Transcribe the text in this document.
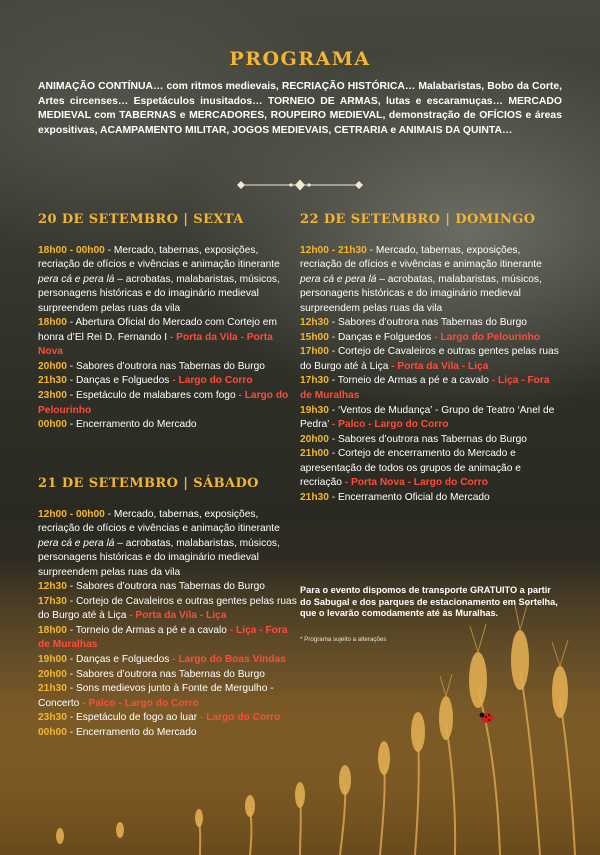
PROGRAMA
ANIMAÇÃO CONTÍNUA… com ritmos medievais, RECRIAÇÃO HISTÓRICA… Malabaristas, Bobo da Corte, Artes circenses… Espetáculos inusitados… TORNEIO DE ARMAS, lutas e escaramuças… MERCADO MEDIEVAL com TABERNAS e MERCADORES, ROUPEIRO MEDIEVAL, demonstração de OFÍCIOS e áreas expositivas, ACAMPAMENTO MILITAR, JOGOS MEDIEVAIS, CETRARIA e ANIMAIS DA QUINTA…
20 DE SETEMBRO | SEXTA

18h00 - 00h00 - Mercado, tabernas, exposições, recriação de ofícios e vivências e animação itinerante pera cá e pera lá – acrobatas, malabaristas, músicos, personagens históricas e do imaginário medieval surpreendem pelas ruas da vila

18h00 - Abertura Oficial do Mercado com Cortejo em honra d’El Rei D. Fernando I - Porta da Vila - Porta Nova

20h00 - Sabores d’outrora nas Tabernas do Burgo

21h30 - Danças e Folguedos - Largo do Corro

23h00 - Espetáculo de malabares com fogo - Largo do Pelourinho

00h00 - Encerramento do Mercado

21 DE SETEMBRO | SÁBADO

12h00 - 00h00 - Mercado, tabernas, exposições, recriação de ofícios e vivências e animação itinerante pera cá e pera lá – acrobatas, malabaristas, músicos, personagens históricas e do imaginário medieval surpreendem pelas ruas da vila

12h30 - Sabores d’outrora nas Tabernas do Burgo

17h30 - Cortejo de Cavaleiros e outras gentes pelas ruas do Burgo até à Liça - Porta da Vila - Liça

18h00 - Torneio de Armas a pé e a cavalo - Liça - Fora de Muralhas

19h00 - Danças e Folguedos - Largo do Boas Vindas

20h00 - Sabores d’outrora nas Tabernas do Burgo

21h30 - Sons medievos junto à Fonte de Mergulho - Concerto - Palco - Largo do Corro

23h30 - Espetáculo de fogo ao luar - Largo do Corro

00h00 - Encerramento do Mercado

22 DE SETEMBRO | DOMINGO

12h00 - 21h30 - Mercado, tabernas, exposições, recriação de ofícios e vivências e animação itinerante pera cá e pera lá – acrobatas, malabaristas, músicos, personagens históricas e do imaginário medieval surpreendem pelas ruas da vila

12h30 - Sabores d’outrora nas Tabernas do Burgo

15h00 - Danças e Folguedos - Largo do Pelourinho

17h00 - Cortejo de Cavaleiros e outras gentes pelas ruas do Burgo até à Liça - Porta da Vila - Liça

17h30 - Torneio de Armas a pé e a cavalo - Liça - Fora de Muralhas

19h30 - ‘Ventos de Mudança’ - Grupo de Teatro ‘Anel de Pedra’ - Palco - Largo do Corro

20h00 - Sabores d’outrora nas Tabernas do Burgo

21h00 - Cortejo de encerramento do Mercado e apresentação de todos os grupos de animação e recriação - Porta Nova - Largo do Corro

21h30 - Encerramento Oficial do Mercado

Para o evento dispomos de transporte GRATUITO a partir do Sabugal e dos parques de estacionamento em Sortelha, que o levarão comodamente até às Muralhas.
* Programa sujeito a alterações
